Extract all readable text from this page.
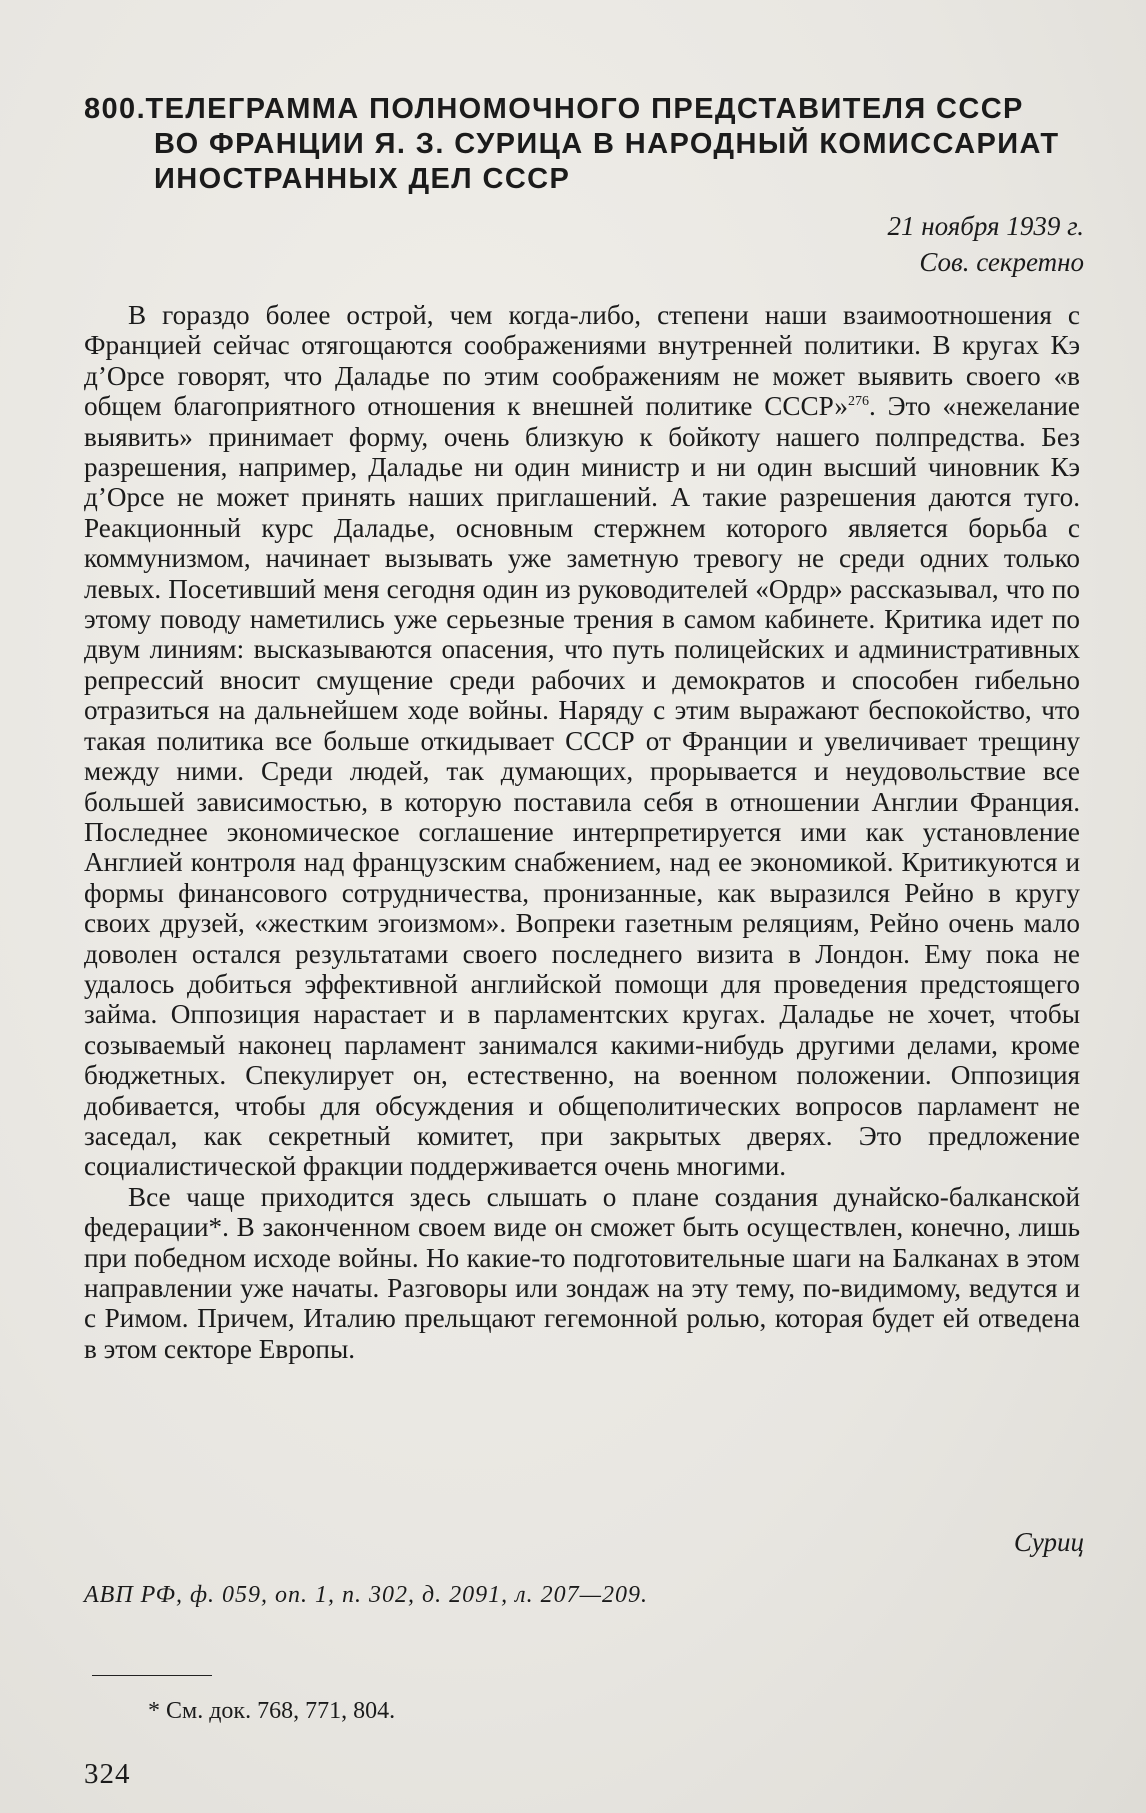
800. ТЕЛЕГРАММА ПОЛНОМОЧНОГО ПРЕДСТАВИТЕЛЯ СССР
ВО ФРАНЦИИ Я. З. СУРИЦА В НАРОДНЫЙ КОМИССАРИАТ
ИНОСТРАННЫХ ДЕЛ СССР
21 ноября 1939 г.
Сов. секретно

В гораздо более острой, чем когда-либо, степени наши взаимоотношения с Францией сейчас отягощаются соображениями внутренней политики. В кругах Кэ д’Орсе говорят, что Даладье по этим соображениям не может выявить своего «в общем благоприятного отношения к внешней политике СССР»$^{276}$. Это «нежелание выявить» принимает форму, очень близкую к бойкоту нашего полпредства. Без разрешения, например, Даладье ни один министр и ни один высший чиновник Кэ д’Орсе не может принять наших приглашений. А такие разрешения даются туго. Реакционный курс Даладье, основным стержнем которого является борьба с коммунизмом, начинает вызывать уже заметную тревогу не среди одних только левых. Посетивший меня сегодня один из руководителей «Ордр» рассказывал, что по этому поводу наметились уже серьезные трения в самом кабинете. Критика идет по двум линиям: высказываются опасения, что путь полицейских и административных репрессий вносит смущение среди рабочих и демократов и способен гибельно отразиться на дальнейшем ходе войны. Наряду с этим выражают беспокойство, что такая политика все больше откидывает СССР от Франции и увеличивает трещину между ними. Среди людей, так думающих, прорывается и неудовольствие все большей зависимостью, в которую поставила себя в отношении Англии Франция. Последнее экономическое соглашение интерпретируется ими как установление Англией контроля над французским снабжением, над ее экономикой. Критикуются и формы финансового сотрудничества, пронизанные, как выразился Рейно в кругу своих друзей, «жестким эгоизмом». Вопреки газетным реляциям, Рейно очень мало доволен остался результатами своего последнего визита в Лондон. Ему пока не удалось добиться эффективной английской помощи для проведения предстоящего займа. Оппозиция нарастает и в парламентских кругах. Даладье не хочет, чтобы созываемый наконец парламент занимался какими-нибудь другими делами, кроме бюджетных. Спекулирует он, естественно, на военном положении. Оппозиция добивается, чтобы для обсуждения и общеполитических вопросов парламент не заседал, как секретный комитет, при закрытых дверях. Это предложение социалистической фракции поддерживается очень многими.

Все чаще приходится здесь слышать о плане создания дунайско-балканской федерации*. В законченном своем виде он сможет быть осуществлен, конечно, лишь при победном исходе войны. Но какие-то подготовительные шаги на Балканах в этом направлении уже начаты. Разговоры или зондаж на эту тему, по-видимому, ведутся и с Римом. Причем, Италию прельщают гегемонной ролью, которая будет ей отведена в этом секторе Европы.

Суриц
АВП РФ, ф. 059, оп. 1, п. 302, д. 2091, л. 207—209.
* См. док. 768, 771, 804.
324
